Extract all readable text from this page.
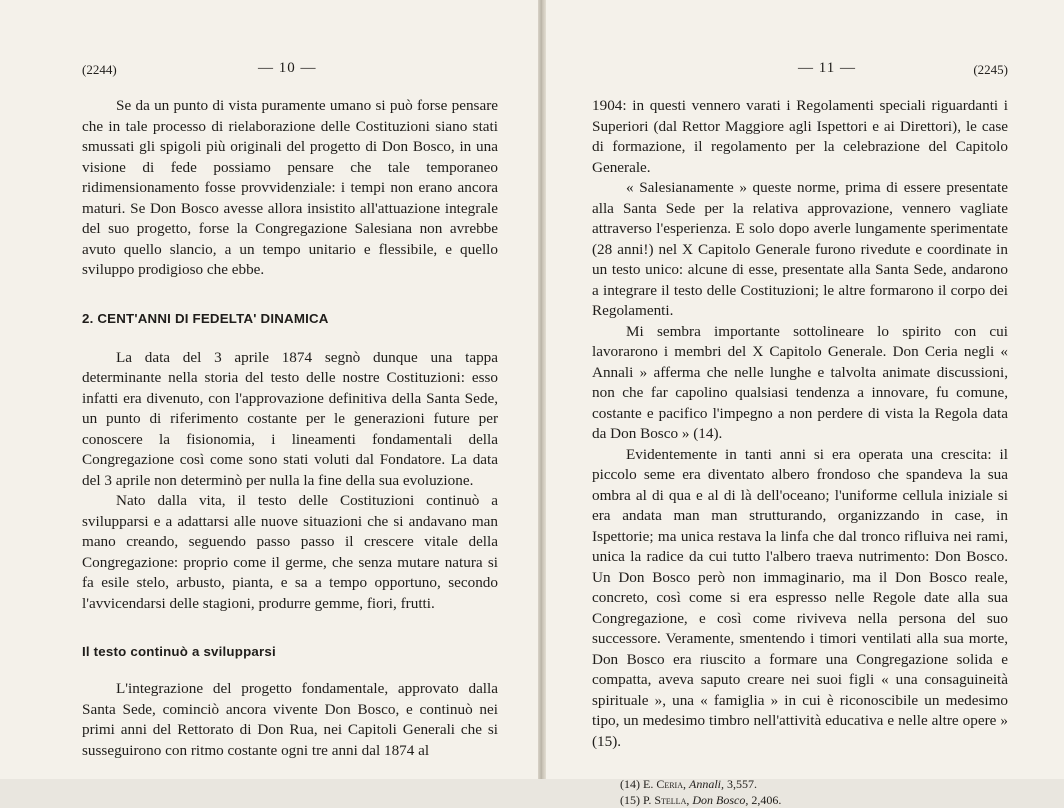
(2244)	— 10 —

Se da un punto di vista puramente umano si può forse pensare che in tale processo di rielaborazione delle Costituzioni siano stati smussati gli spigoli più originali del progetto di Don Bosco, in una visione di fede possiamo pensare che tale temporaneo ridimensionamento fosse provvidenziale: i tempi non erano ancora maturi. Se Don Bosco avesse allora insistito all'attuazione integrale del suo progetto, forse la Congregazione Salesiana non avrebbe avuto quello slancio, a un tempo unitario e flessibile, e quello sviluppo prodigioso che ebbe.

2. CENT'ANNI DI FEDELTA' DINAMICA

La data del 3 aprile 1874 segnò dunque una tappa determinante nella storia del testo delle nostre Costituzioni: esso infatti era divenuto, con l'approvazione definitiva della Santa Sede, un punto di riferimento costante per le generazioni future per conoscere la fisionomia, i lineamenti fondamentali della Congregazione così come sono stati voluti dal Fondatore. La data del 3 aprile non determinò per nulla la fine della sua evoluzione.

Nato dalla vita, il testo delle Costituzioni continuò a svilupparsi e a adattarsi alle nuove situazioni che si andavano man mano creando, seguendo passo passo il crescere vitale della Congregazione: proprio come il germe, che senza mutare natura si fa esile stelo, arbusto, pianta, e sa a tempo opportuno, secondo l'avvicendarsi delle stagioni, produrre gemme, fiori, frutti.

Il testo continuò a svilupparsi

L'integrazione del progetto fondamentale, approvato dalla Santa Sede, cominciò ancora vivente Don Bosco, e continuò nei primi anni del Rettorato di Don Rua, nei Capitoli Generali che si susseguirono con ritmo costante ogni tre anni dal 1874 al

— 11 —	(2245)

1904: in questi vennero varati i Regolamenti speciali riguardanti i Superiori (dal Rettor Maggiore agli Ispettori e ai Direttori), le case di formazione, il regolamento per la celebrazione del Capitolo Generale.

« Salesianamente » queste norme, prima di essere presentate alla Santa Sede per la relativa approvazione, vennero vagliate attraverso l'esperienza. E solo dopo averle lungamente sperimentate (28 anni!) nel X Capitolo Generale furono rivedute e coordinate in un testo unico: alcune di esse, presentate alla Santa Sede, andarono a integrare il testo delle Costituzioni; le altre formarono il corpo dei Regolamenti.

Mi sembra importante sottolineare lo spirito con cui lavorarono i membri del X Capitolo Generale. Don Ceria negli « Annali » afferma che nelle lunghe e talvolta animate discussioni, non che far capolino qualsiasi tendenza a innovare, fu comune, costante e pacifico l'impegno a non perdere di vista la Regola data da Don Bosco » (14).

Evidentemente in tanti anni si era operata una crescita: il piccolo seme era diventato albero frondoso che spandeva la sua ombra al di qua e al di là dell'oceano; l'uniforme cellula iniziale si era andata man man strutturando, organizzando in case, in Ispettorie; ma unica restava la linfa che dal tronco rifluiva nei rami, unica la radice da cui tutto l'albero traeva nutrimento: Don Bosco. Un Don Bosco però non immaginario, ma il Don Bosco reale, concreto, così come si era espresso nelle Regole date alla sua Congregazione, e così come riviveva nella persona del suo successore. Veramente, smentendo i timori ventilati alla sua morte, Don Bosco era riuscito a formare una Congregazione solida e compatta, aveva saputo creare nei suoi figli « una consaguineità spirituale », una « famiglia » in cui è riconoscibile un medesimo tipo, un medesimo timbro nell'attività educativa e nelle altre opere » (15).

(14) E. Ceria, Annali, 3,557.
(15) P. Stella, Don Bosco, 2,406.
